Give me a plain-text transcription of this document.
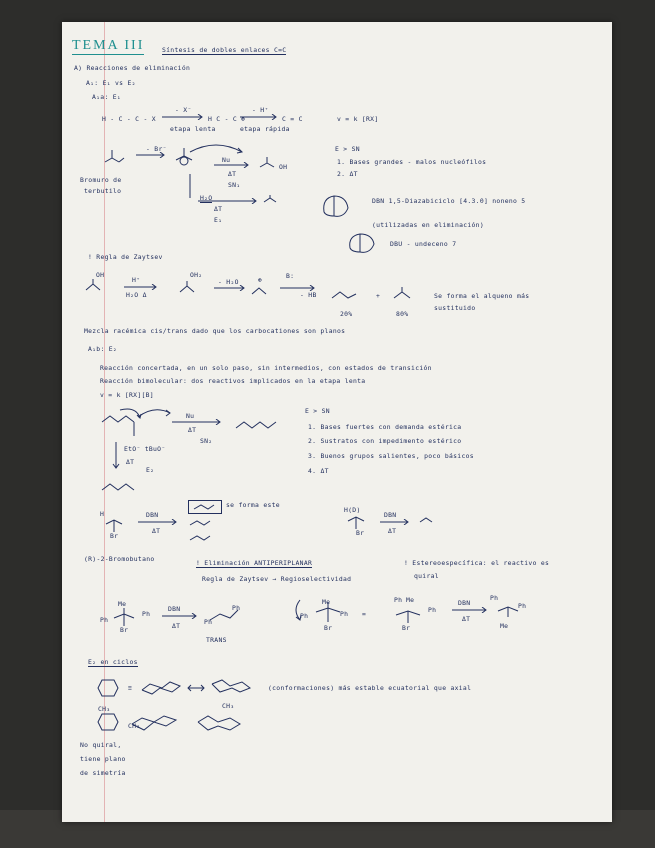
TEMA III	Síntesis de dobles enlaces C=C
A) Reacciones de eliminación
A₁: E₁ vs E₂
A₁a: E₁
H - C - C - X
- X⁻
etapa lenta
H C - C ⊕
- H⁺
etapa rápida
C = C	v = k [RX]
- Br⁻
Nu
ΔT
SN₁
OH
Bromuro de
terbutilo
H₂O
ΔT
E₁
E > SN
1. Bases grandes - malos nucleófilos
2. ΔT
DBN 1,5-Diazabiciclo [4.3.0] noneno 5
(utilizadas en eliminación)
DBU - undeceno 7
! Regla de Zaytsev
OH
H⁺
H₂O Δ
OH₂
- H₂O	⊕	B:
- HB	+
20%	80%
Se forma el alqueno más
sustituido
Mezcla racémica cis/trans dado que los carbocationes son planos
A₁b: E₂
Reacción concertada, en un solo paso, sin intermedios, con estados de transición
Reacción bimolecular: dos reactivos implicados en la etapa lenta
v = k [RX][B]
Nu
ΔT
SN₂
EtO⁻ tBuO⁻
ΔT
E₂
E > SN
1. Bases fuertes con demanda estérica
2. Sustratos con impedimento estérico
3. Buenos grupos salientes, poco básicos
4. ΔT
H
Br
DBN
ΔT
se forma este
H(D)
Br
DBN
ΔT
(R)-2-Bromobutano	! Eliminación ANTIPERIPLANAR
Regla de Zaytsev → Regioselectividad
! Estereoespecífica: el reactivo es
quiral
Me
Ph
Ph
Br
DBN
ΔT	Ph
Ph
TRANS
Ph
Me
Ph
Br
=
Ph Me
Ph
Br
DBN
ΔT
Ph
Ph
Me
E₂ en ciclos
≡	(conformaciones) más estable ecuatorial que axial
CH₃
CH₃
CH₃
No quiral,
tiene plano
de simetría
